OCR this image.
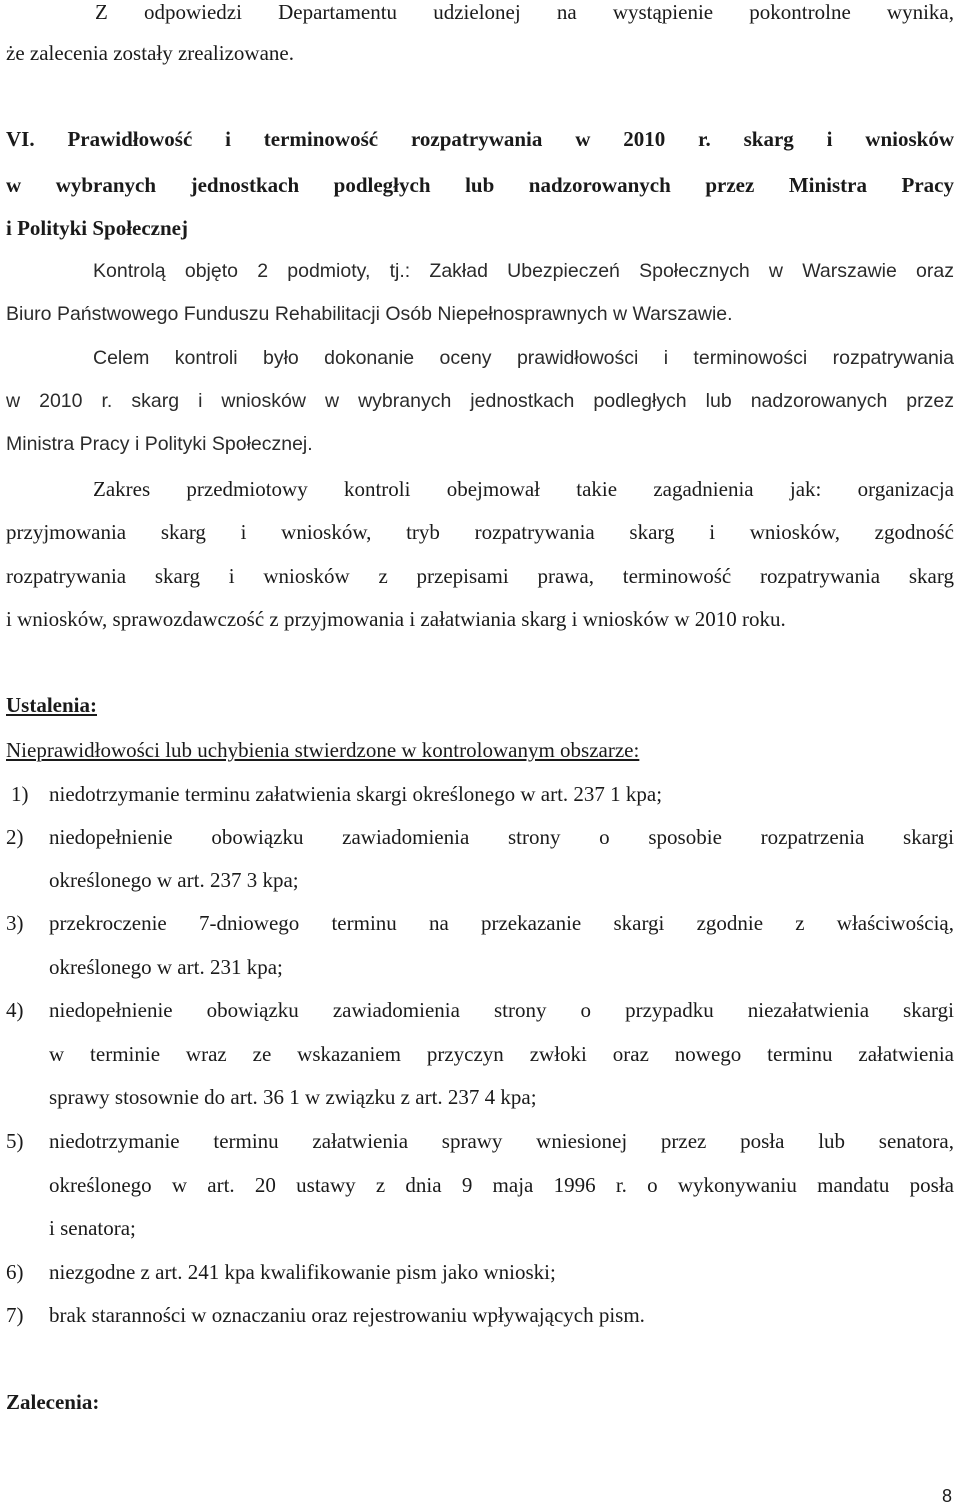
Z odpowiedzi Departamentu udzielonej na wystąpienie pokontrolne wynika,
że zalecenia zostały zrealizowane.
VI. Prawidłowość i terminowość rozpatrywania w 2010 r. skarg i wniosków
w wybranych jednostkach podległych lub nadzorowanych przez Ministra Pracy
i Polityki Społecznej
Kontrolą objęto 2 podmioty, tj.: Zakład Ubezpieczeń Społecznych w Warszawie oraz
Biuro Państwowego Funduszu Rehabilitacji Osób Niepełnosprawnych w Warszawie.
Celem kontroli było dokonanie oceny prawidłowości i terminowości rozpatrywania
w 2010 r. skarg i wniosków w wybranych jednostkach podległych lub nadzorowanych przez
Ministra Pracy i Polityki Społecznej.
Zakres przedmiotowy kontroli obejmował takie zagadnienia jak: organizacja
przyjmowania skarg i wniosków, tryb rozpatrywania skarg i wniosków, zgodność
rozpatrywania skarg i wniosków z przepisami prawa, terminowość rozpatrywania skarg
i wniosków, sprawozdawczość z przyjmowania i załatwiania skarg i wniosków w 2010 roku.
Ustalenia:
Nieprawidłowości lub uchybienia stwierdzone w kontrolowanym obszarze:
1) niedotrzymanie terminu załatwienia skargi określonego w art. 237 1 kpa;
2) niedopełnienie obowiązku zawiadomienia strony o sposobie rozpatrzenia skargi
określonego w art. 237 3 kpa;
3) przekroczenie 7-dniowego terminu na przekazanie skargi zgodnie z właściwością,
określonego w art. 231 kpa;
4) niedopełnienie obowiązku zawiadomienia strony o przypadku niezałatwienia skargi
w terminie wraz ze wskazaniem przyczyn zwłoki oraz nowego terminu załatwienia
sprawy stosownie do art. 36 1 w związku z art. 237 4 kpa;
5) niedotrzymanie terminu załatwienia sprawy wniesionej przez posła lub senatora,
określonego w art. 20 ustawy z dnia 9 maja 1996 r. o wykonywaniu mandatu posła
i senatora;
6) niezgodne z art. 241 kpa kwalifikowanie pism jako wnioski;
7) brak staranności w oznaczaniu oraz rejestrowaniu wpływających pism.
Zalecenia:
8
